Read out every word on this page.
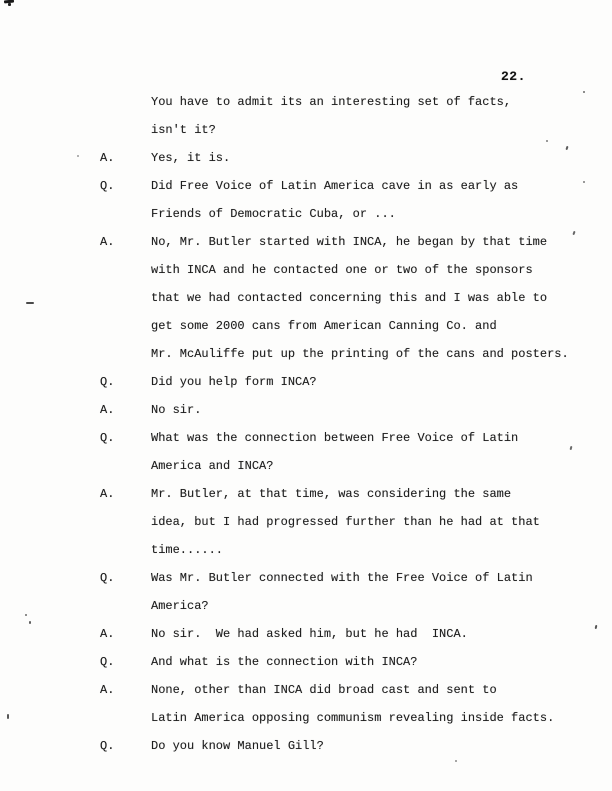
22.
You have to admit its an interesting set of facts,
isn't it?
A.	Yes, it is.
Q.	Did Free Voice of Latin America cave in as early as
Friends of Democratic Cuba, or ...
A.	No, Mr. Butler started with INCA, he began by that time
with INCA and he contacted one or two of the sponsors
that we had contacted concerning this and I was able to
get some 2000 cans from American Canning Co. and
Mr. McAuliffe put up the printing of the cans and posters.
Q.	Did you help form INCA?
A.	No sir.
Q.	What was the connection between Free Voice of Latin
America and INCA?
A.	Mr. Butler, at that time, was considering the same
idea, but I had progressed further than he had at that
time......
Q.	Was Mr. Butler connected with the Free Voice of Latin
America?
A.	No sir.  We had asked him, but he had  INCA.
Q.	And what is the connection with INCA?
A.	None, other than INCA did broad cast and sent to
Latin America opposing communism revealing inside facts.
Q.	Do you know Manuel Gill?
